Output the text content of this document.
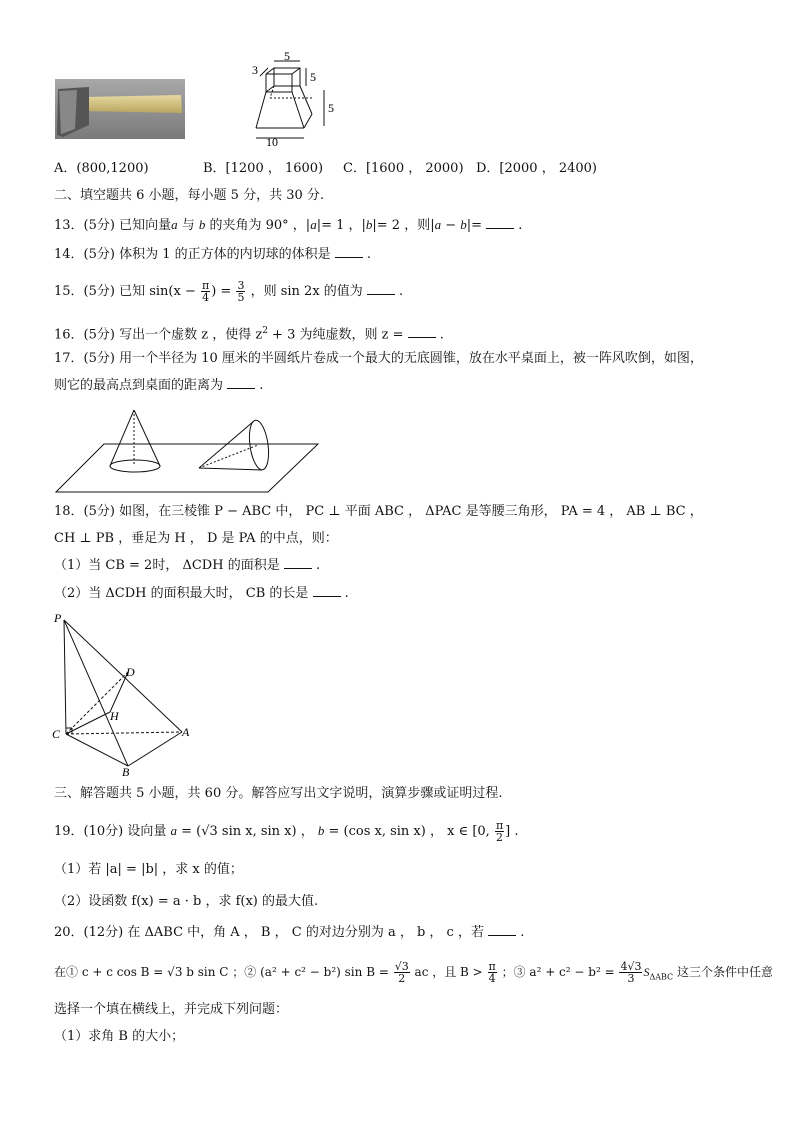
5
3	5
5
10
A．(800,1200)	B．[1200 ， 1600) C．[1600 ， 2000) D．[2000 ， 2400)
二、填空题共 6 小题，每小题 5 分，共 30 分.
13．(5分) 已知向量a 与 b 的夹角为 90° ，|a|= 1 ，|b|= 2 ，则|a − b|=  .
14．(5分) 体积为 1 的正方体的内切球的体积是  .
15．(5分) 已知 $\sin(x - \frac{\pi}{4}$ ) = $\frac{3}{5}$ ，则 sin 2x 的值为  .
16．(5分) 写出一个虚数 z ，使得 $z^2 + 3$ 为纯虚数，则 z =  .
17．(5分) 用一个半径为 10 厘米的半圆纸片卷成一个最大的无底圆锥，放在水平桌面上，被一阵风吹倒，如图，
则它的最高点到桌面的距离为  .
18．(5分) 如图，在三棱锥 P − ABC 中， PC ⊥ 平面 ABC ， ΔPAC 是等腰三角形， PA = 4 ， AB ⊥ BC ，
CH ⊥ PB ，垂足为 H ， D 是 PA 的中点，则：
（1）当 CB = 2时， ΔCDH 的面积是  .
（2）当 ΔCDH 的面积最大时， CB 的长是  .
P
D
H
C	A
B
三、解答题共 5 小题，共 60 分。解答应写出文字说明，演算步骤或证明过程.
19．(10分) 设向量 a = (√3 sin x, sin x) ， b = (cos x, sin x) ， x ∈ [0, $\frac{\pi}{2}$ ] .
（1）若 |a| = |b| ，求 x 的值；
（2）设函数 f(x) = a · b ，求 f(x) 的最大值.
20．(12分) 在 ΔABC 中，角 A ， B ， C 的对边分别为 a ， b ， c ，若  .
在① c + c cos B = √3 b sin C ；② (a² + c² − b²) $\sin B = \frac{√3}{2}$ ac ，且 $B > \frac{\pi}{4}$ ；③ $a^2 + c^2 - b^2 = \frac{4√3}{3} S_{\Delta ABC}$ 这三个条件中任意
选择一个填在横线上，并完成下列问题：
（1）求角 B 的大小；
